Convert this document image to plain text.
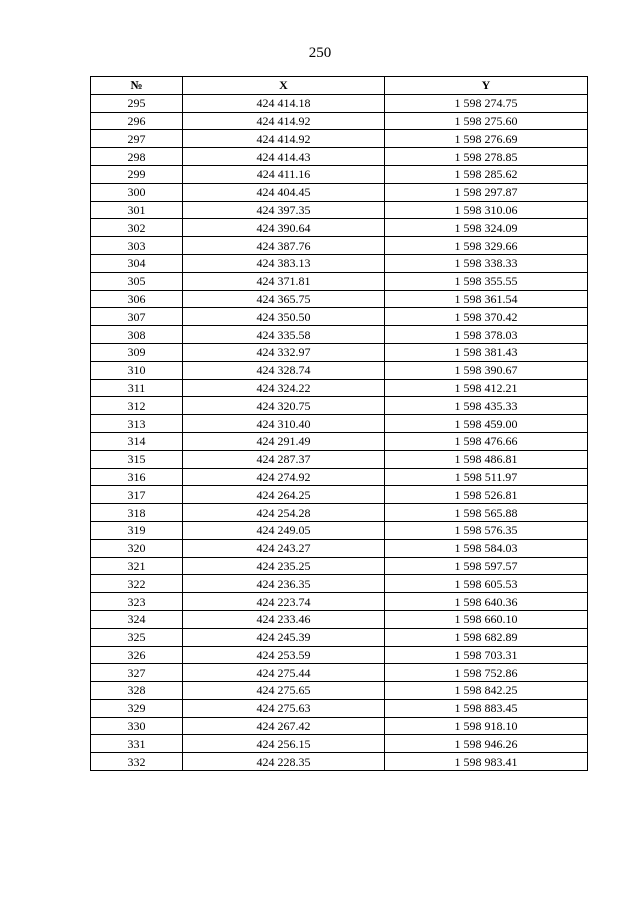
250
№	X	Y
295	424 414.18	1 598 274.75
296	424 414.92	1 598 275.60
297	424 414.92	1 598 276.69
298	424 414.43	1 598 278.85
299	424 411.16	1 598 285.62
300	424 404.45	1 598 297.87
301	424 397.35	1 598 310.06
302	424 390.64	1 598 324.09
303	424 387.76	1 598 329.66
304	424 383.13	1 598 338.33
305	424 371.81	1 598 355.55
306	424 365.75	1 598 361.54
307	424 350.50	1 598 370.42
308	424 335.58	1 598 378.03
309	424 332.97	1 598 381.43
310	424 328.74	1 598 390.67
311	424 324.22	1 598 412.21
312	424 320.75	1 598 435.33
313	424 310.40	1 598 459.00
314	424 291.49	1 598 476.66
315	424 287.37	1 598 486.81
316	424 274.92	1 598 511.97
317	424 264.25	1 598 526.81
318	424 254.28	1 598 565.88
319	424 249.05	1 598 576.35
320	424 243.27	1 598 584.03
321	424 235.25	1 598 597.57
322	424 236.35	1 598 605.53
323	424 223.74	1 598 640.36
324	424 233.46	1 598 660.10
325	424 245.39	1 598 682.89
326	424 253.59	1 598 703.31
327	424 275.44	1 598 752.86
328	424 275.65	1 598 842.25
329	424 275.63	1 598 883.45
330	424 267.42	1 598 918.10
331	424 256.15	1 598 946.26
332	424 228.35	1 598 983.41
